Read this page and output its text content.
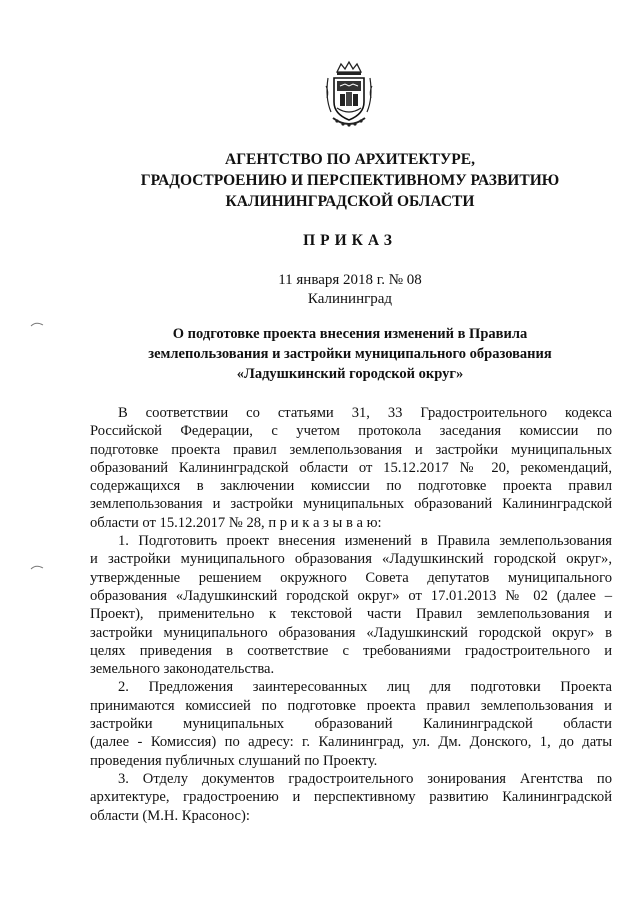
АГЕНТСТВО ПО АРХИТЕКТУРЕ,
ГРАДОСТРОЕНИЮ И ПЕРСПЕКТИВНОМУ РАЗВИТИЮ
КАЛИНИНГРАДСКОЙ ОБЛАСТИ
ПРИКАЗ
11 января 2018 г. № 08
Калининград
О подготовке проекта внесения изменений в Правила
землепользования и застройки муниципального образования
«Ладушкинский городской округ»
В соответствии со статьями 31, 33 Градостроительного кодекса
Российской Федерации, с учетом протокола заседания комиссии по
подготовке проекта правил землепользования и застройки муниципальных
образований Калининградской области от 15.12.2017 № 20, рекомендаций,
содержащихся в заключении комиссии по подготовке проекта правил
землепользования и застройки муниципальных образований Калининградской
области от 15.12.2017 № 28, п р и к а з ы в а ю:
1. Подготовить проект внесения изменений в Правила землепользования
и застройки муниципального образования «Ладушкинский городской округ»,
утвержденные решением окружного Совета депутатов муниципального
образования «Ладушкинский городской округ» от 17.01.2013 № 02 (далее –
Проект), применительно к текстовой части Правил землепользования и
застройки муниципального образования «Ладушкинский городской округ» в
целях приведения в соответствие с требованиями градостроительного и
земельного законодательства.
2. Предложения заинтересованных лиц для подготовки Проекта
принимаются комиссией по подготовке проекта правил землепользования и
застройки муниципальных образований Калининградской области
(далее - Комиссия) по адресу: г. Калининград, ул. Дм. Донского, 1, до даты
проведения публичных слушаний по Проекту.
3. Отделу документов градостроительного зонирования Агентства по
архитектуре, градостроению и перспективному развитию Калининградской
области (М.Н. Красонос):
